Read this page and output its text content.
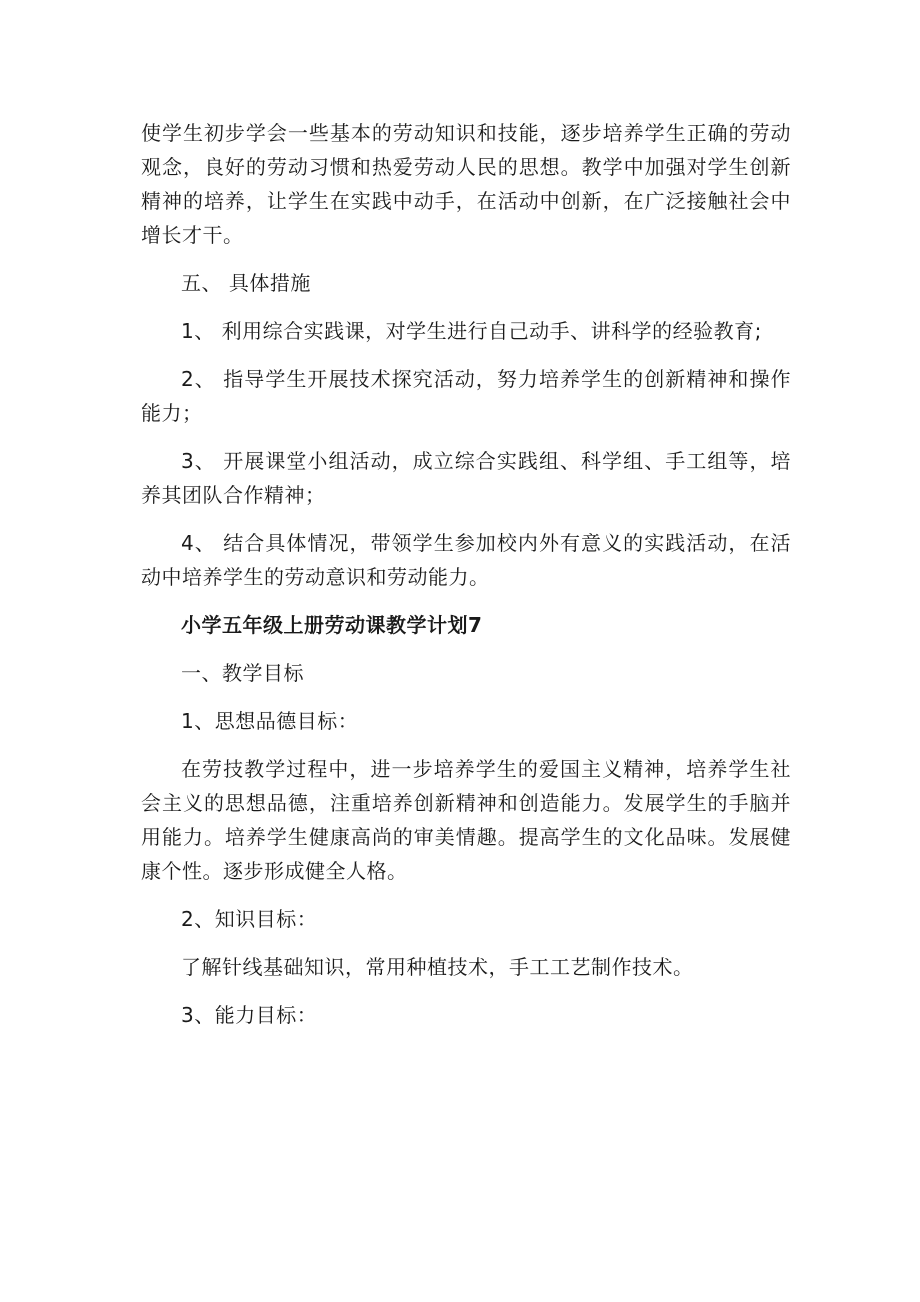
使学生初步学会一些基本的劳动知识和技能，逐步培养学生正确的劳动观念，良好的劳动习惯和热爱劳动人民的思想。教学中加强对学生创新精神的培养，让学生在实践中动手，在活动中创新，在广泛接触社会中增长才干。

五、 具体措施

1、 利用综合实践课，对学生进行自己动手、讲科学的经验教育;

2、 指导学生开展技术探究活动，努力培养学生的创新精神和操作能力；

3、 开展课堂小组活动，成立综合实践组、科学组、手工组等，培养其团队合作精神；

4、 结合具体情况，带领学生参加校内外有意义的实践活动，在活动中培养学生的劳动意识和劳动能力。

小学五年级上册劳动课教学计划7

一、教学目标

1、思想品德目标：

在劳技教学过程中，进一步培养学生的爱国主义精神，培养学生社会主义的思想品德，注重培养创新精神和创造能力。发展学生的手脑并用能力。培养学生健康高尚的审美情趣。提高学生的文化品味。发展健康个性。逐步形成健全人格。

2、知识目标：

了解针线基础知识，常用种植技术，手工工艺制作技术。

3、能力目标：
